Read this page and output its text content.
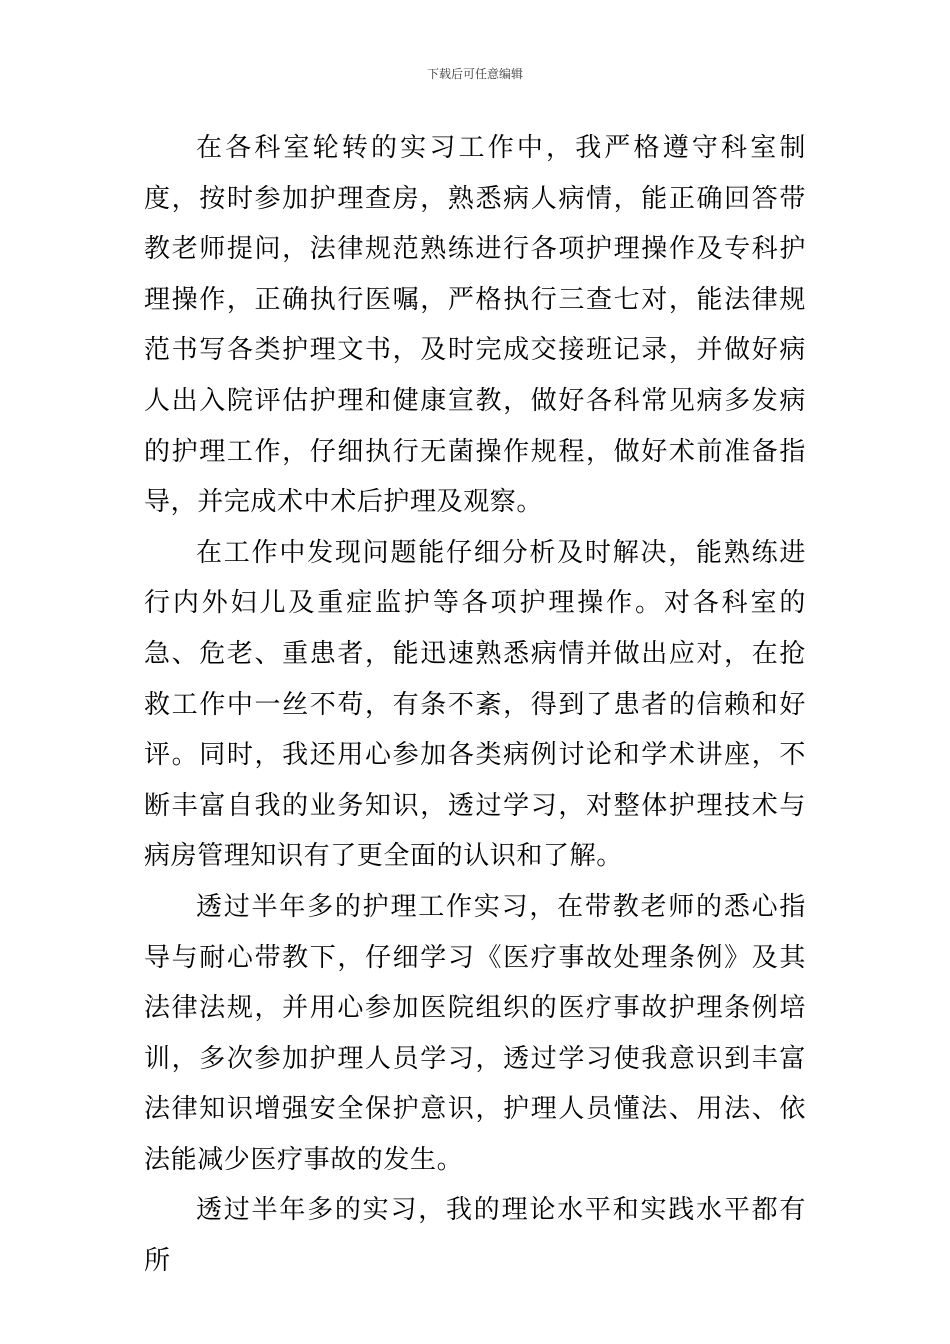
下载后可任意编辑

在各科室轮转的实习工作中，我严格遵守科室制度，按时参加护理查房，熟悉病人病情，能正确回答带教老师提问，法律规范熟练进行各项护理操作及专科护理操作，正确执行医嘱，严格执行三查七对，能法律规范书写各类护理文书，及时完成交接班记录，并做好病人出入院评估护理和健康宣教，做好各科常见病多发病的护理工作，仔细执行无菌操作规程，做好术前准备指导，并完成术中术后护理及观察。

在工作中发现问题能仔细分析及时解决，能熟练进行内外妇儿及重症监护等各项护理操作。对各科室的急、危老、重患者，能迅速熟悉病情并做出应对，在抢救工作中一丝不苟，有条不紊，得到了患者的信赖和好评。同时，我还用心参加各类病例讨论和学术讲座，不断丰富自我的业务知识，透过学习，对整体护理技术与病房管理知识有了更全面的认识和了解。

透过半年多的护理工作实习，在带教老师的悉心指导与耐心带教下，仔细学习《医疗事故处理条例》及其法律法规，并用心参加医院组织的医疗事故护理条例培训，多次参加护理人员学习，透过学习使我意识到丰富法律知识增强安全保护意识，护理人员懂法、用法、依法能减少医疗事故的发生。

透过半年多的实习，我的理论水平和实践水平都有所
